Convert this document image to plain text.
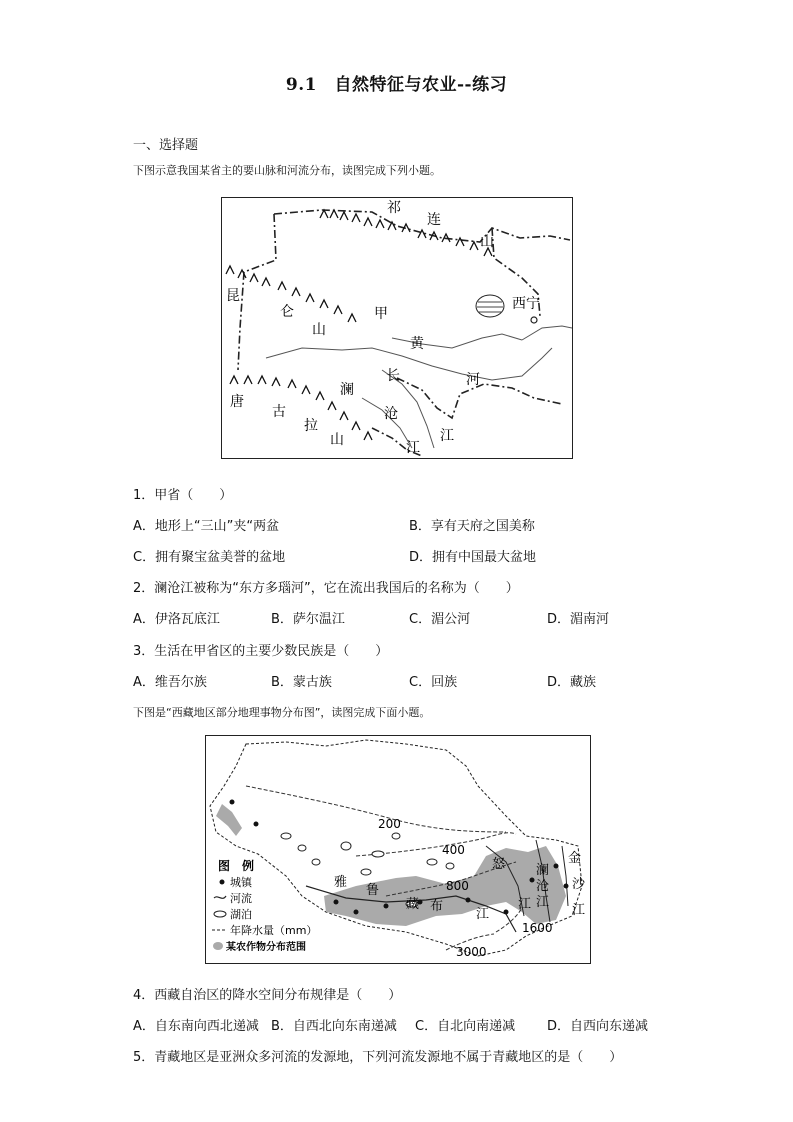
9.1　自然特征与农业--练习
一、选择题
下图示意我国某省主的要山脉和河流分布，读图完成下列小题。
祁
连
山
昆
仑
山
甲
黄
河
西宁
唐
古
拉
山
澜
沧
江
长
江
1．甲省（　　）
A．地形上“三山”夹“两盆	B．享有天府之国美称
C．拥有聚宝盆美誉的盆地	D．拥有中国最大盆地
2．澜沧江被称为“东方多瑙河”，它在流出我国后的名称为（　　）
A．伊洛瓦底江	B．萨尔温江	C．湄公河	D．湄南河
3．生活在甲省区的主要少数民族是（　　）
A．维吾尔族	B．蒙古族	C．回族	D．藏族
下图是“西藏地区部分地理事物分布图”，读图完成下面小题。
200
400
800
1600
3000
雅
鲁
藏 布
江
怒 澜
沧
江
江
金
沙
江
图　例
城镇
河流
湖泊
年降水量（mm）
某农作物分布范围
4．西藏自治区的降水空间分布规律是（　　）
A．自东南向西北递减 B．自西北向东南递减 C．自北向南递减 D．自西向东递减
5．青藏地区是亚洲众多河流的发源地，下列河流发源地不属于青藏地区的是（　　）
